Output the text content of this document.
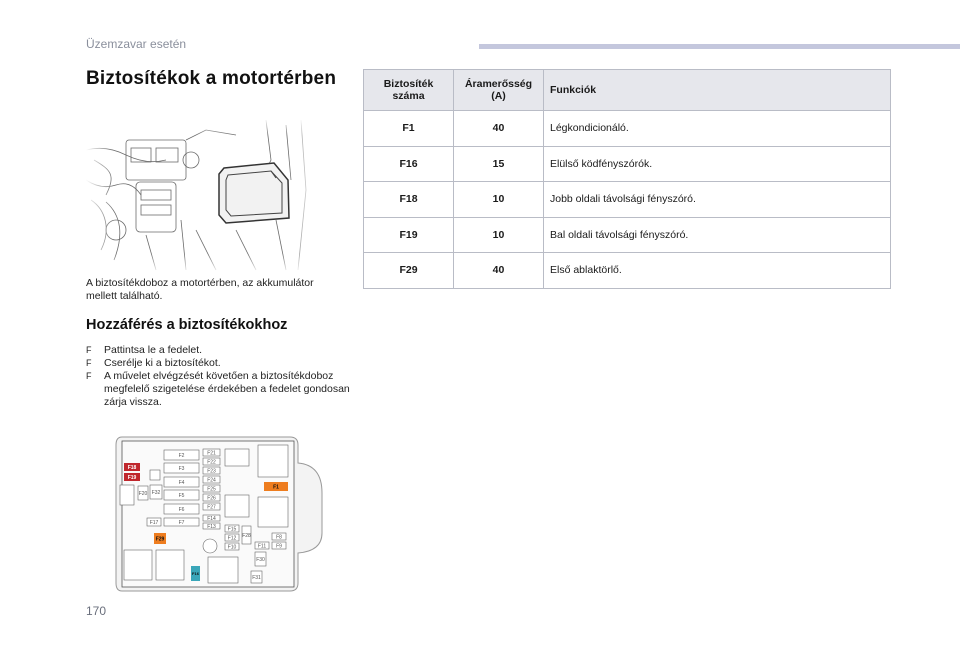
Üzemzavar esetén
Biztosítékok a motortérben
A biztosítékdoboz a motortérben, az akkumulátor mellett található.
Hozzáférés a biztosítékokhoz
F Pattintsa le a fedelet.
F Cserélje ki a biztosítékot.
F A művelet elvégzését követően a biztosítékdoboz megfelelő szigetelése érdekében a fedelet gondosan zárja vissza.
F2
F3
F4
F5
F6
F7
F17
F20 F32
F21
F22
F23
F24
F25
F26
F27
F14
F13 F15
F12
F10
F28
F11 F9
F8
F30
F31
F18
F19
F1
F29
F16
Biztosíték száma	Áramerősség (A)	Funkciók
F1	40	Légkondicionáló.
F16	15	Elülső ködfényszórók.
F18	10	Jobb oldali távolsági fényszóró.
F19	10	Bal oldali távolsági fényszóró.
F29	40	Első ablaktörlő.
170
